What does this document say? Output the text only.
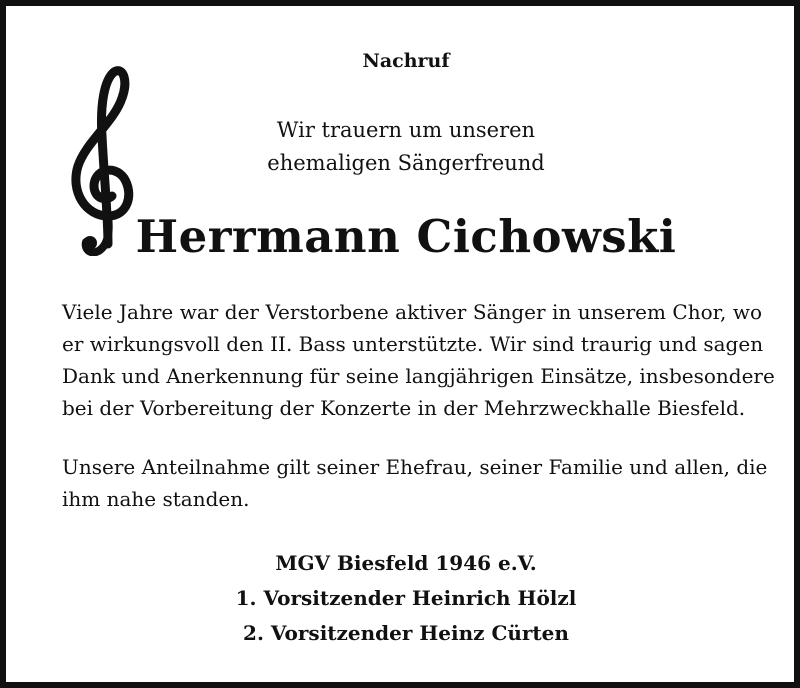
Nachruf
Wir trauern um unseren
ehemaligen Sängerfreund
Herrmann Cichowski
Viele Jahre war der Verstorbene aktiver Sänger in unserem Chor, wo
er wirkungsvoll den II. Bass unterstützte. Wir sind traurig und sagen
Dank und Anerkennung für seine langjährigen Einsätze, insbesondere
bei der Vorbereitung der Konzerte in der Mehrzweckhalle Biesfeld.
Unsere Anteilnahme gilt seiner Ehefrau, seiner Familie und allen, die
ihm nahe standen.
MGV Biesfeld 1946 e.V.
1. Vorsitzender Heinrich Hölzl
2. Vorsitzender Heinz Cürten
